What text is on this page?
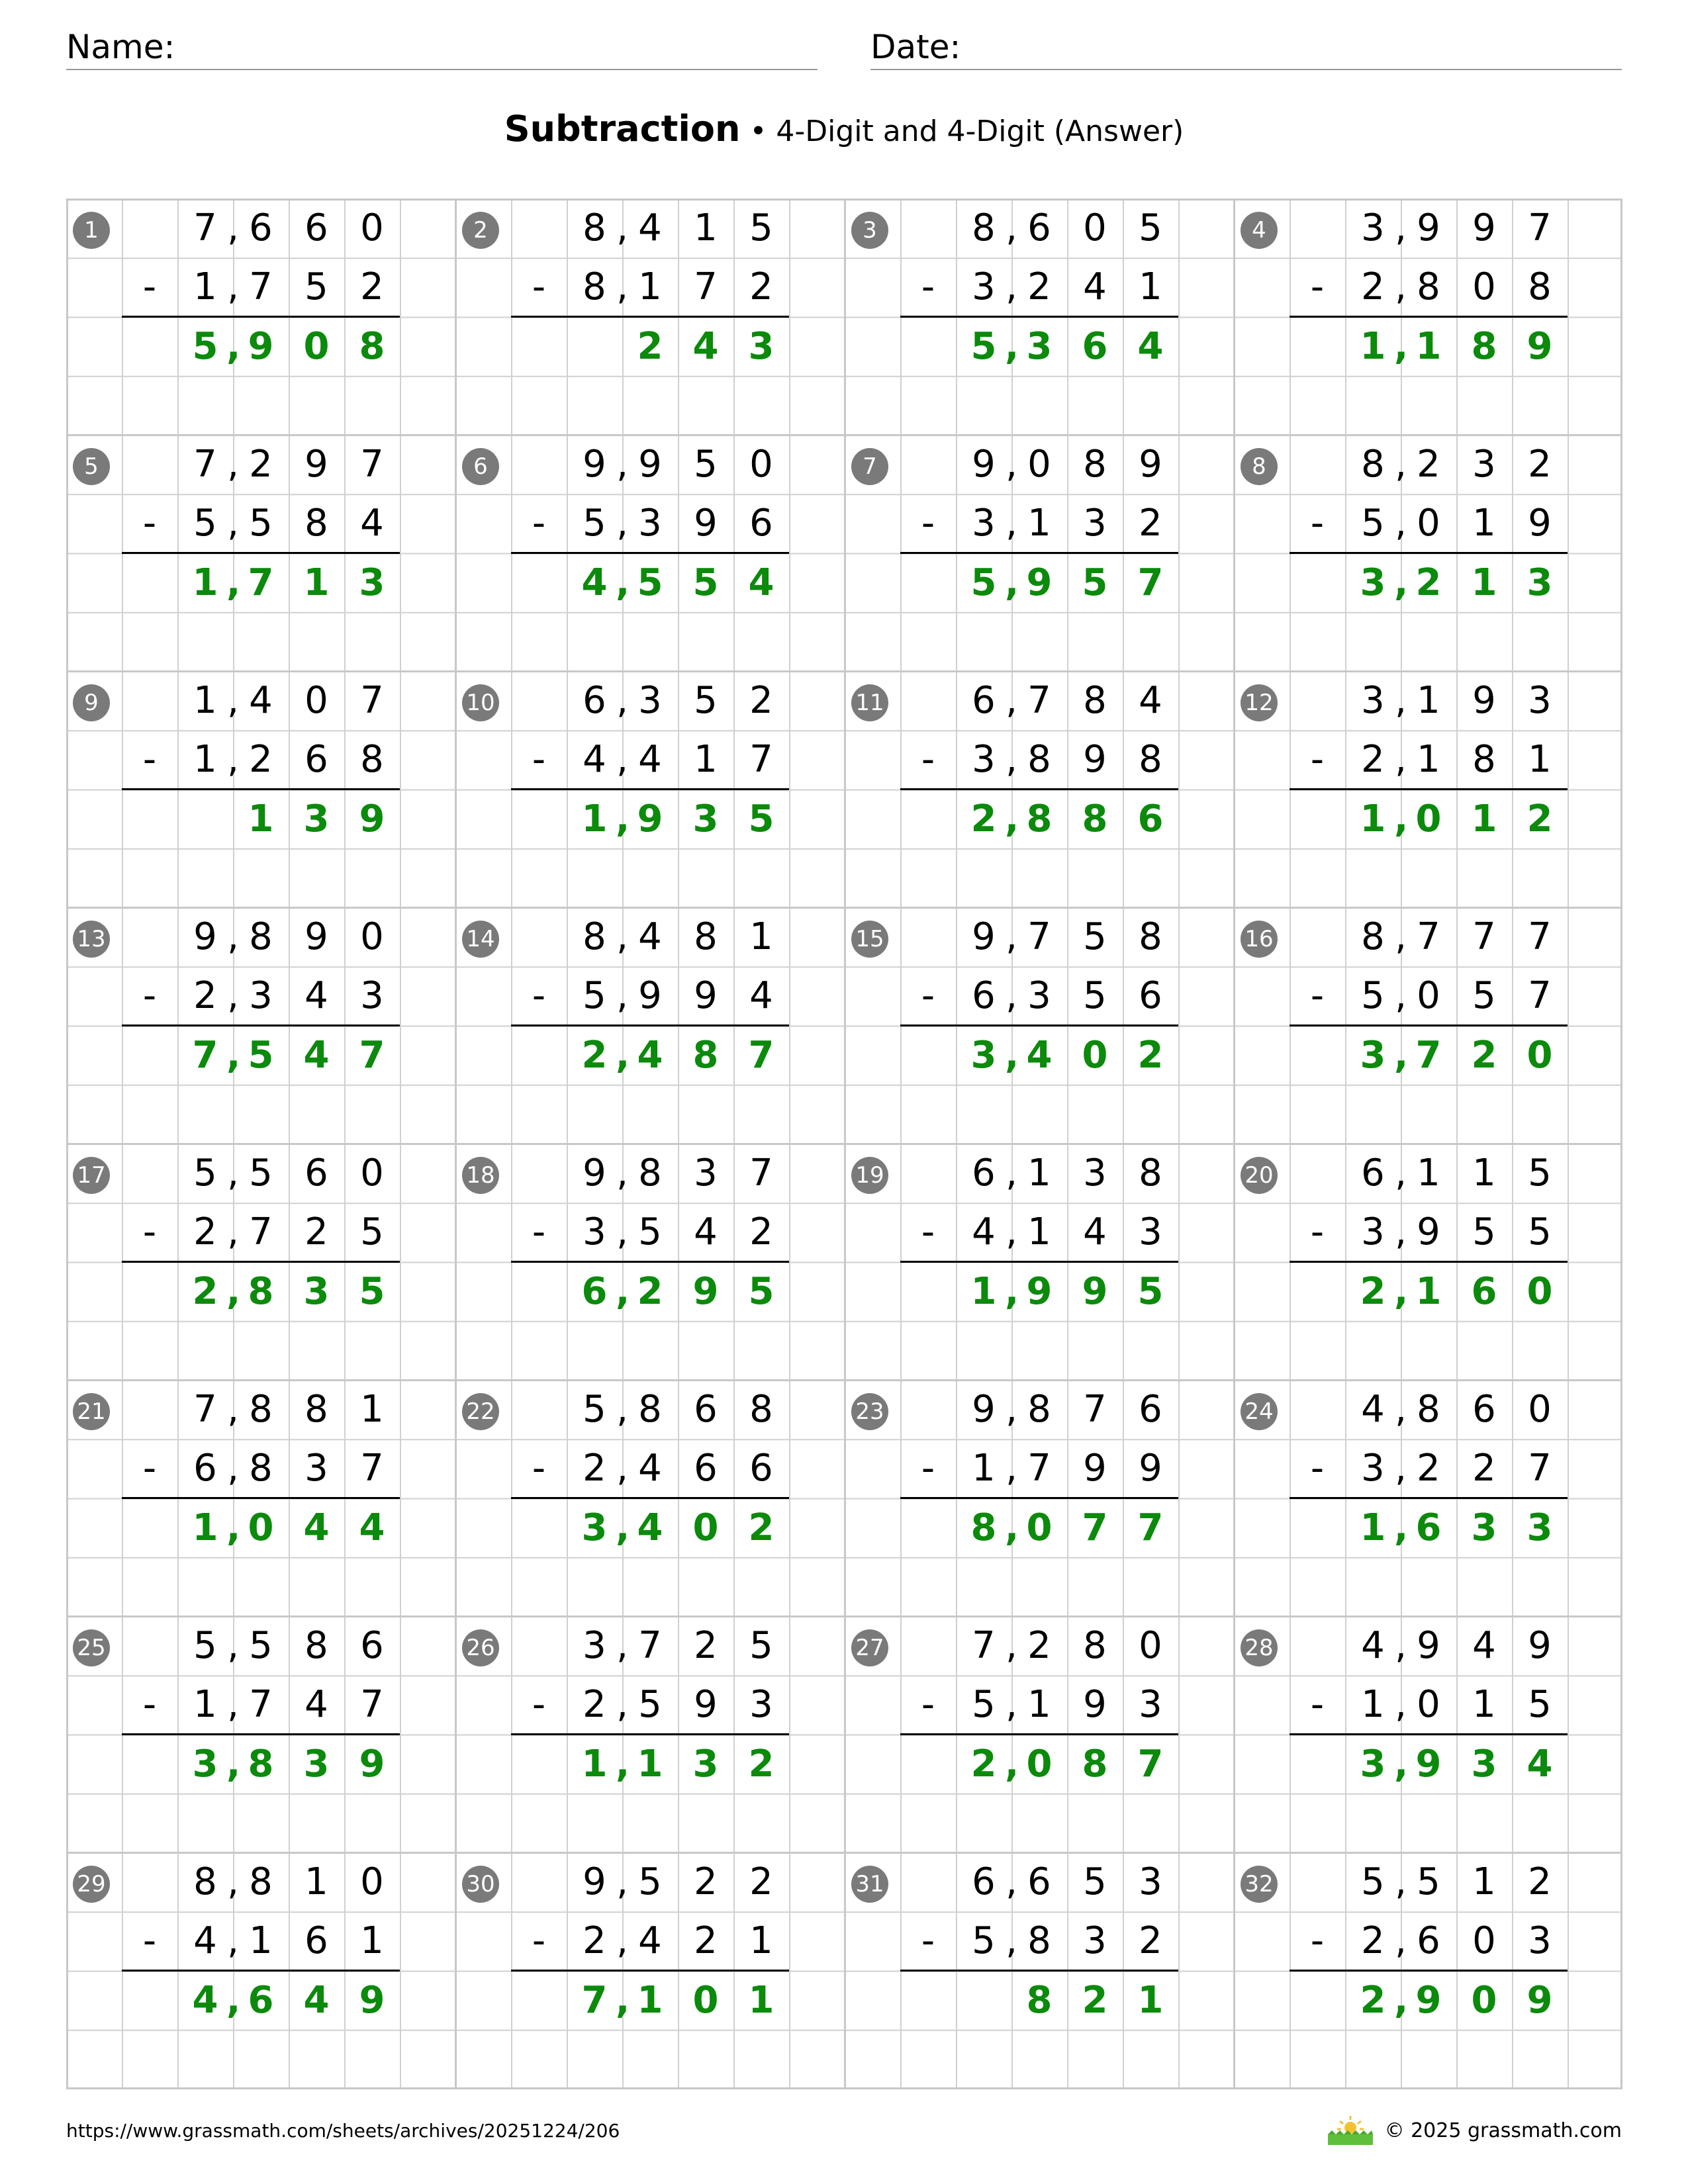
Name:	Date:
Subtraction • 4-Digit and 4-Digit (Answer)
1	7 6 6 0
,
-	1 7 5 2
,
5 9 0 8
,
2	8 4 1 5
,
-	8 1 7 2
,
2 4 3
3	8 6 0 5
,
-	3 2 4 1
,
5 3 6 4
,
4	3 9 9 7
,
-	2 8 0 8
,
1 1 8 9
,
5	7 2 9 7
,
-	5 5 8 4
,
1 7 1 3
,
6	9 9 5 0
,
-	5 3 9 6
,
4 5 5 4
,
7	9 0 8 9
,
-	3 1 3 2
,
5 9 5 7
,
8	8 2 3 2
,
-	5 0 1 9
,
3 2 1 3
,
9	1 4 0 7
,
-	1 2 6 8
,
1 3 9
10	6 3 5 2
,
-	4 4 1 7
,
1 9 3 5
,
11	6 7 8 4
,
-	3 8 9 8
,
2 8 8 6
,
12	3 1 9 3
,
-	2 1 8 1
,
1 0 1 2
,
13	9 8 9 0
,
-	2 3 4 3
,
7 5 4 7
,
14	8 4 8 1
,
-	5 9 9 4
,
2 4 8 7
,
15	9 7 5 8
,
-	6 3 5 6
,
3 4 0 2
,
16	8 7 7 7
,
-	5 0 5 7
,
3 7 2 0
,
17	5 5 6 0
,
-	2 7 2 5
,
2 8 3 5
,
18	9 8 3 7
,
-	3 5 4 2
,
6 2 9 5
,
19	6 1 3 8
,
-	4 1 4 3
,
1 9 9 5
,
20	6 1 1 5
,
-	3 9 5 5
,
2 1 6 0
,
21	7 8 8 1
,
-	6 8 3 7
,
1 0 4 4
,
22	5 8 6 8
,
-	2 4 6 6
,
3 4 0 2
,
23	9 8 7 6
,
-	1 7 9 9
,
8 0 7 7
,
24	4 8 6 0
,
-	3 2 2 7
,
1 6 3 3
,
25	5 5 8 6
,
-	1 7 4 7
,
3 8 3 9
,
26	3 7 2 5
,
-	2 5 9 3
,
1 1 3 2
,
27	7 2 8 0
,
-	5 1 9 3
,
2 0 8 7
,
28	4 9 4 9
,
-	1 0 1 5
,
3 9 3 4
,
29	8 8 1 0
,
-	4 1 6 1
,
4 6 4 9
,
30	9 5 2 2
,
-	2 4 2 1
,
7 1 0 1
,
31	6 6 5 3
,
-	5 8 3 2
,
8 2 1
32	5 5 1 2
,
-	2 6 0 3
,
2 9 0 9
,
https://www.grassmath.com/sheets/archives/20251224/206	© 2025 grassmath.com
